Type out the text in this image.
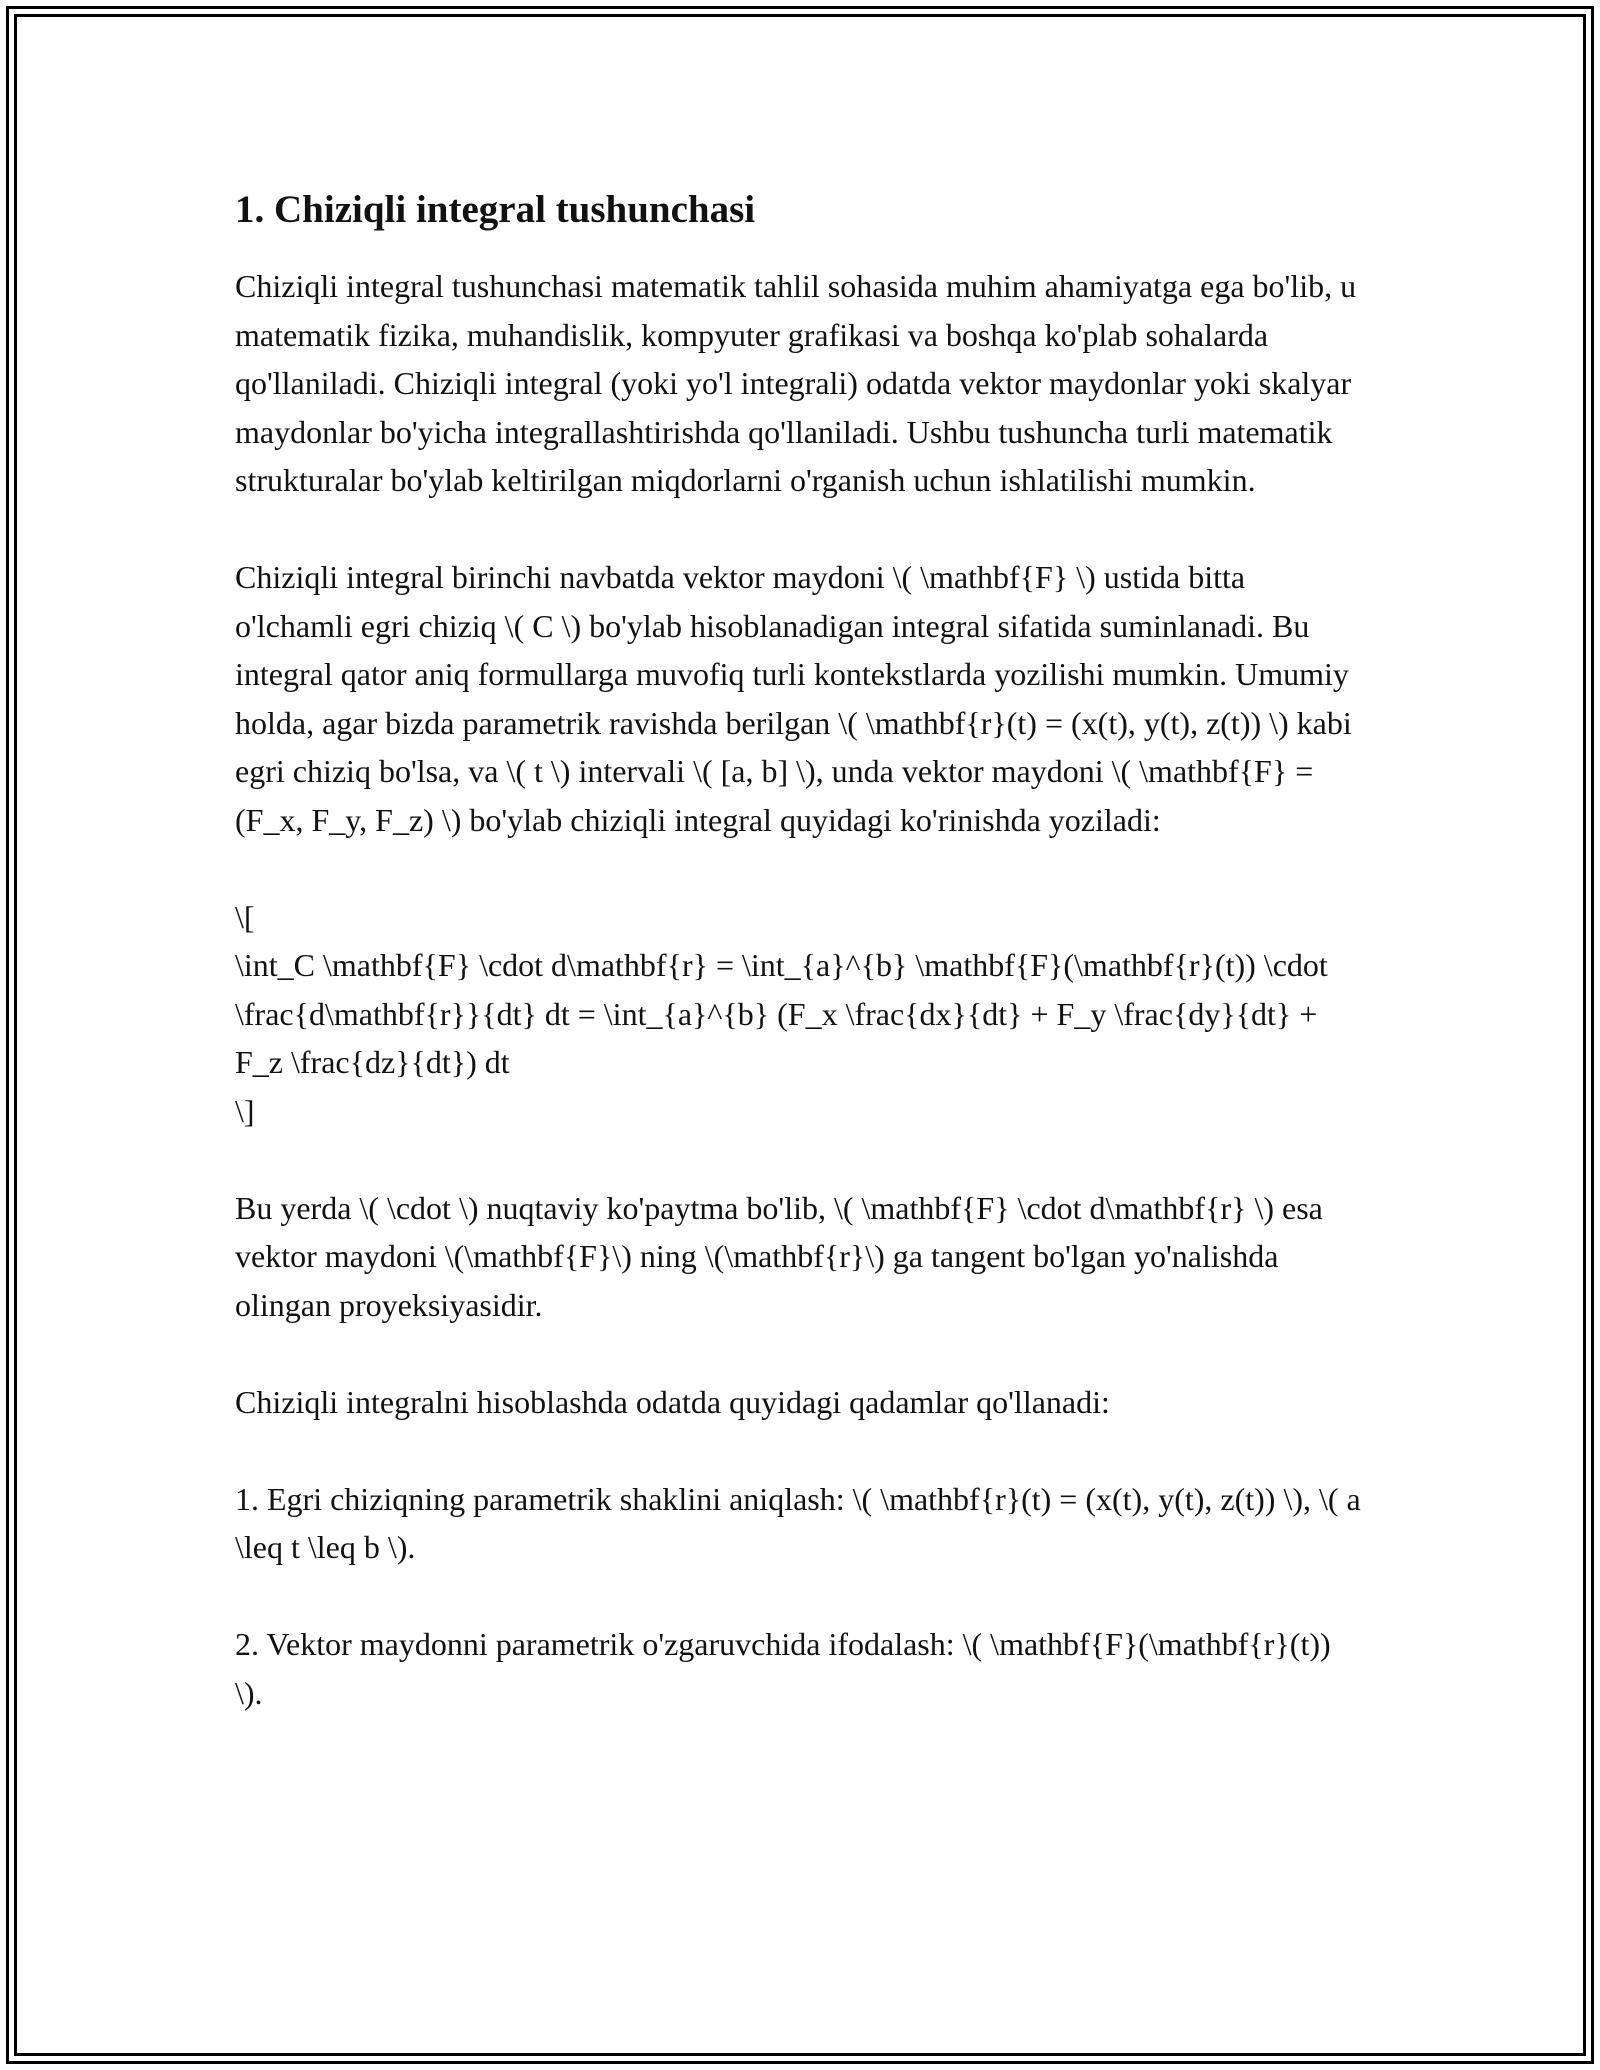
1. Chiziqli integral tushunchasi

Chiziqli integral tushunchasi matematik tahlil sohasida muhim ahamiyatga ega bo'lib, u matematik fizika, muhandislik, kompyuter grafikasi va boshqa ko'plab sohalarda qo'llaniladi. Chiziqli integral (yoki yo'l integrali) odatda vektor maydonlar yoki skalyar maydonlar bo'yicha integrallashtirishda qo'llaniladi. Ushbu tushuncha turli matematik strukturalar bo'ylab keltirilgan miqdorlarni o'rganish uchun ishlatilishi mumkin.

Chiziqli integral birinchi navbatda vektor maydoni \( \mathbf{F} \) ustida bitta o'lchamli egri chiziq \( C \) bo'ylab hisoblanadigan integral sifatida suminlanadi. Bu integral qator aniq formullarga muvofiq turli kontekstlarda yozilishi mumkin. Umumiy holda, agar bizda parametrik ravishda berilgan \( \mathbf{r}(t) = (x(t), y(t), z(t)) \) kabi egri chiziq bo'lsa, va \( t \) intervali \( [a, b] \), unda vektor maydoni \( \mathbf{F} = (F_x, F_y, F_z) \) bo'ylab chiziqli integral quyidagi ko'rinishda yoziladi:

\[
\int_C \mathbf{F} \cdot d\mathbf{r} = \int_{a}^{b} \mathbf{F}(\mathbf{r}(t)) \cdot \frac{d\mathbf{r}}{dt} dt = \int_{a}^{b} (F_x \frac{dx}{dt} + F_y \frac{dy}{dt} + F_z \frac{dz}{dt}) dt
\]

Bu yerda \( \cdot \) nuqtaviy ko'paytma bo'lib, \( \mathbf{F} \cdot d\mathbf{r} \) esa vektor maydoni \(\mathbf{F}\) ning \(\mathbf{r}\) ga tangent bo'lgan yo'nalishda olingan proyeksiyasidir.

Chiziqli integralni hisoblashda odatda quyidagi qadamlar qo'llanadi:

1. Egri chiziqning parametrik shaklini aniqlash: \( \mathbf{r}(t) = (x(t), y(t), z(t)) \), \( a \leq t \leq b \).

2. Vektor maydonni parametrik o'zgaruvchida ifodalash: \( \mathbf{F}(\mathbf{r}(t)) \).
